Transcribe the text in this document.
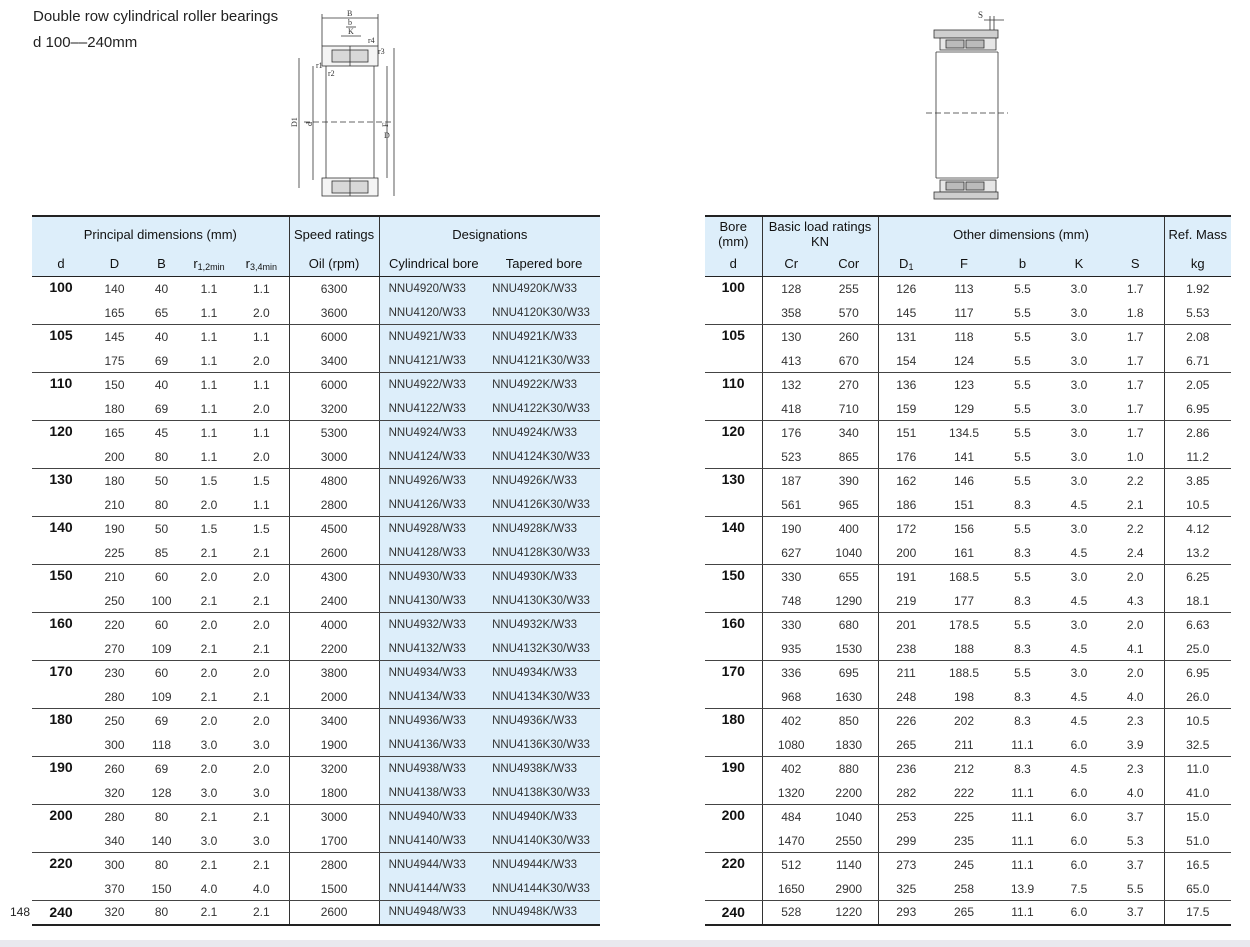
Double row cylindrical roller bearings
d 100‒‒240mm
B
b
K
r4
r3
r1
r2
D1 d	F
D
S
Principal dimensions (mm)					Speed ratings	Designations	
d	D	B	$r_{1,2min}$	$r_{3,4min}$	Oil (rpm)	Cylindrical bore	Tapered bore
100	140	40	1.1	1.1	6300	NNU4920/W33	NNU4920K/W33
	165	65	1.1	2.0	3600	NNU4120/W33	NNU4120K30/W33
105	145	40	1.1	1.1	6000	NNU4921/W33	NNU4921K/W33
	175	69	1.1	2.0	3400	NNU4121/W33	NNU4121K30/W33
110	150	40	1.1	1.1	6000	NNU4922/W33	NNU4922K/W33
	180	69	1.1	2.0	3200	NNU4122/W33	NNU4122K30/W33
120	165	45	1.1	1.1	5300	NNU4924/W33	NNU4924K/W33
	200	80	1.1	2.0	3000	NNU4124/W33	NNU4124K30/W33
130	180	50	1.5	1.5	4800	NNU4926/W33	NNU4926K/W33
	210	80	2.0	1.1	2800	NNU4126/W33	NNU4126K30/W33
140	190	50	1.5	1.5	4500	NNU4928/W33	NNU4928K/W33
	225	85	2.1	2.1	2600	NNU4128/W33	NNU4128K30/W33
150	210	60	2.0	2.0	4300	NNU4930/W33	NNU4930K/W33
	250	100	2.1	2.1	2400	NNU4130/W33	NNU4130K30/W33
160	220	60	2.0	2.0	4000	NNU4932/W33	NNU4932K/W33
	270	109	2.1	2.1	2200	NNU4132/W33	NNU4132K30/W33
170	230	60	2.0	2.0	3800	NNU4934/W33	NNU4934K/W33
	280	109	2.1	2.1	2000	NNU4134/W33	NNU4134K30/W33
180	250	69	2.0	2.0	3400	NNU4936/W33	NNU4936K/W33
	300	118	3.0	3.0	1900	NNU4136/W33	NNU4136K30/W33
190	260	69	2.0	2.0	3200	NNU4938/W33	NNU4938K/W33
	320	128	3.0	3.0	1800	NNU4138/W33	NNU4138K30/W33
200	280	80	2.1	2.1	3000	NNU4940/W33	NNU4940K/W33
	340	140	3.0	3.0	1700	NNU4140/W33	NNU4140K30/W33
220	300	80	2.1	2.1	2800	NNU4944/W33	NNU4944K/W33
	370	150	4.0	4.0	1500	NNU4144/W33	NNU4144K30/W33
240	320	80	2.1	2.1	2600	NNU4948/W33	NNU4948K/W33
Bore (mm)	Basic load ratings KN		Other dimensions (mm)					Ref. Mass
d	Cr	Cor	$D_1$	F	b	K	S	kg
100	128	255	126	113	5.5	3.0	1.7	1.92
	358	570	145	117	5.5	3.0	1.8	5.53
105	130	260	131	118	5.5	3.0	1.7	2.08
	413	670	154	124	5.5	3.0	1.7	6.71
110	132	270	136	123	5.5	3.0	1.7	2.05
	418	710	159	129	5.5	3.0	1.7	6.95
120	176	340	151	134.5	5.5	3.0	1.7	2.86
	523	865	176	141	5.5	3.0	1.0	11.2
130	187	390	162	146	5.5	3.0	2.2	3.85
	561	965	186	151	8.3	4.5	2.1	10.5
140	190	400	172	156	5.5	3.0	2.2	4.12
	627	1040	200	161	8.3	4.5	2.4	13.2
150	330	655	191	168.5	5.5	3.0	2.0	6.25
	748	1290	219	177	8.3	4.5	4.3	18.1
160	330	680	201	178.5	5.5	3.0	2.0	6.63
	935	1530	238	188	8.3	4.5	4.1	25.0
170	336	695	211	188.5	5.5	3.0	2.0	6.95
	968	1630	248	198	8.3	4.5	4.0	26.0
180	402	850	226	202	8.3	4.5	2.3	10.5
	1080	1830	265	211	11.1	6.0	3.9	32.5
190	402	880	236	212	8.3	4.5	2.3	11.0
	1320	2200	282	222	11.1	6.0	4.0	41.0
200	484	1040	253	225	11.1	6.0	3.7	15.0
	1470	2550	299	235	11.1	6.0	5.3	51.0
220	512	1140	273	245	11.1	6.0	3.7	16.5
	1650	2900	325	258	13.9	7.5	5.5	65.0
240	528	1220	293	265	11.1	6.0	3.7	17.5
148
